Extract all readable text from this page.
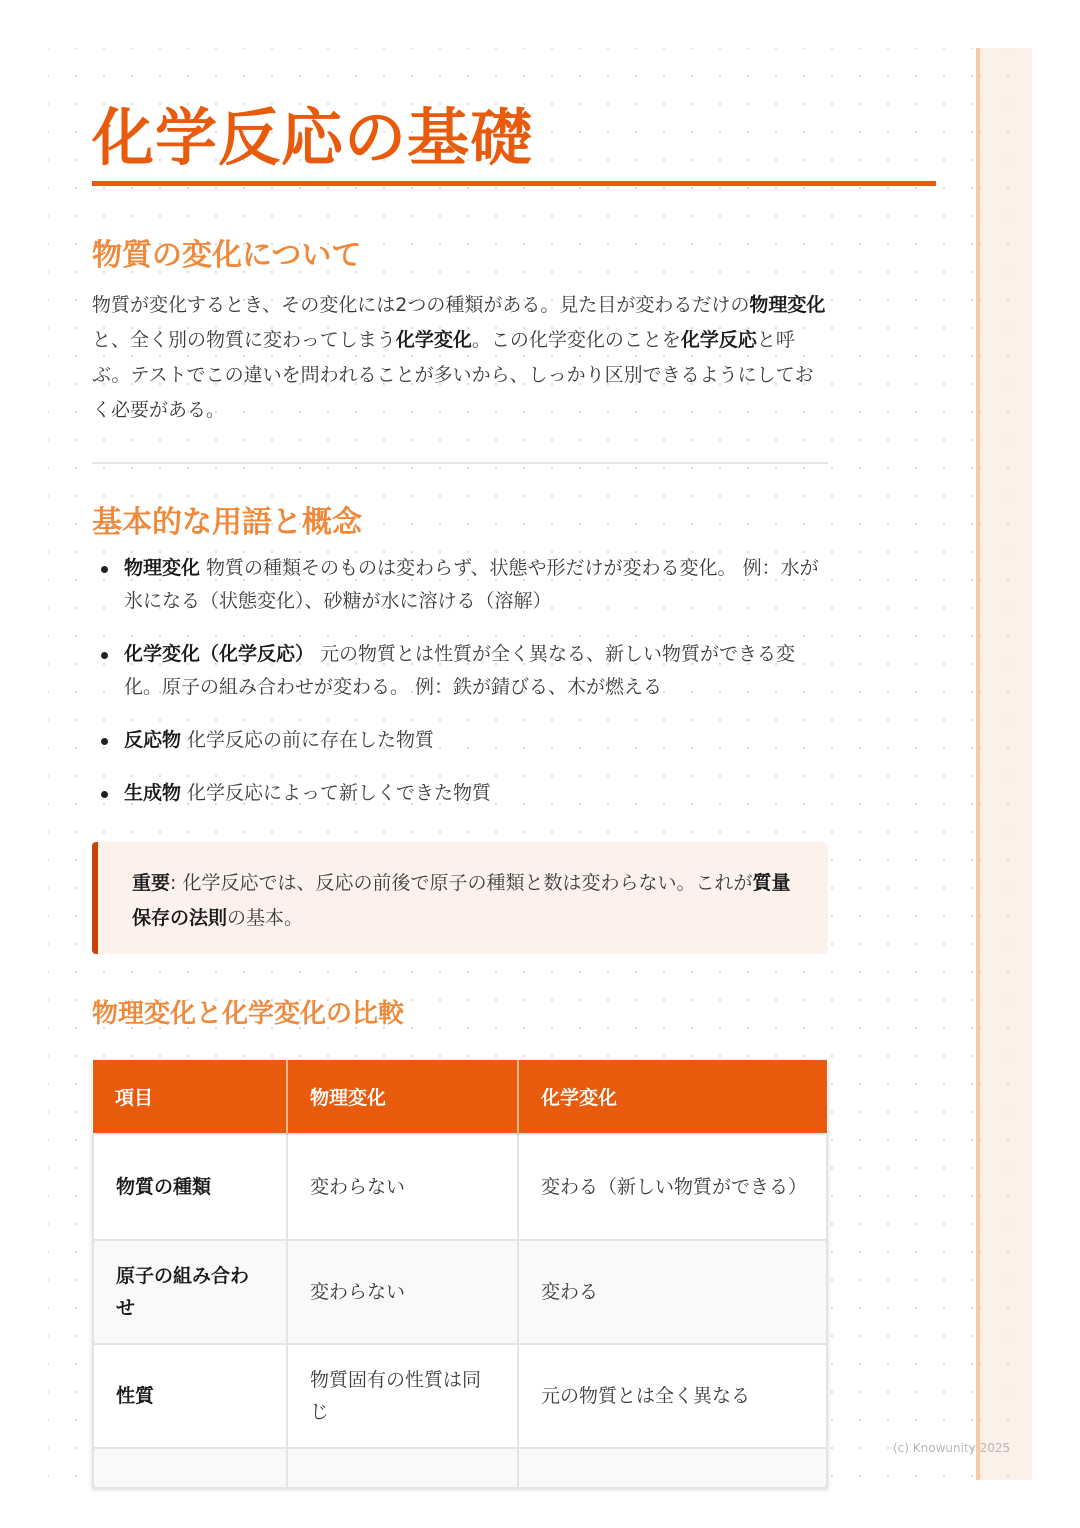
化学反応の基礎
物質の変化について

物質が変化するとき、その変化には2つの種類がある。見た目が変わるだけの物理変化と、全く別の物質に変わってしまう化学変化。この化学変化のことを化学反応と呼ぶ。テストでこの違いを問われることが多いから、しっかり区別できるようにしておく必要がある。

基本的な用語と概念
物理変化 物質の種類そのものは変わらず、状態や形だけが変わる変化。 例：水が氷になる（状態変化）、砂糖が水に溶ける（溶解）
化学変化（化学反応） 元の物質とは性質が全く異なる、新しい物質ができる変化。原子の組み合わせが変わる。 例：鉄が錆びる、木が燃える
反応物 化学反応の前に存在した物質
生成物 化学反応によって新しくできた物質
重要: 化学反応では、反応の前後で原子の種類と数は変わらない。これが質量保存の法則の基本。
物理変化と化学変化の比較
項目	物理変化	化学変化
物質の種類	変わらない	変わる（新しい物質ができる）
原子の組み合わせ	変わらない	変わる
性質	物質固有の性質は同じ	元の物質とは全く異なる

(c) Knowunity 2025
